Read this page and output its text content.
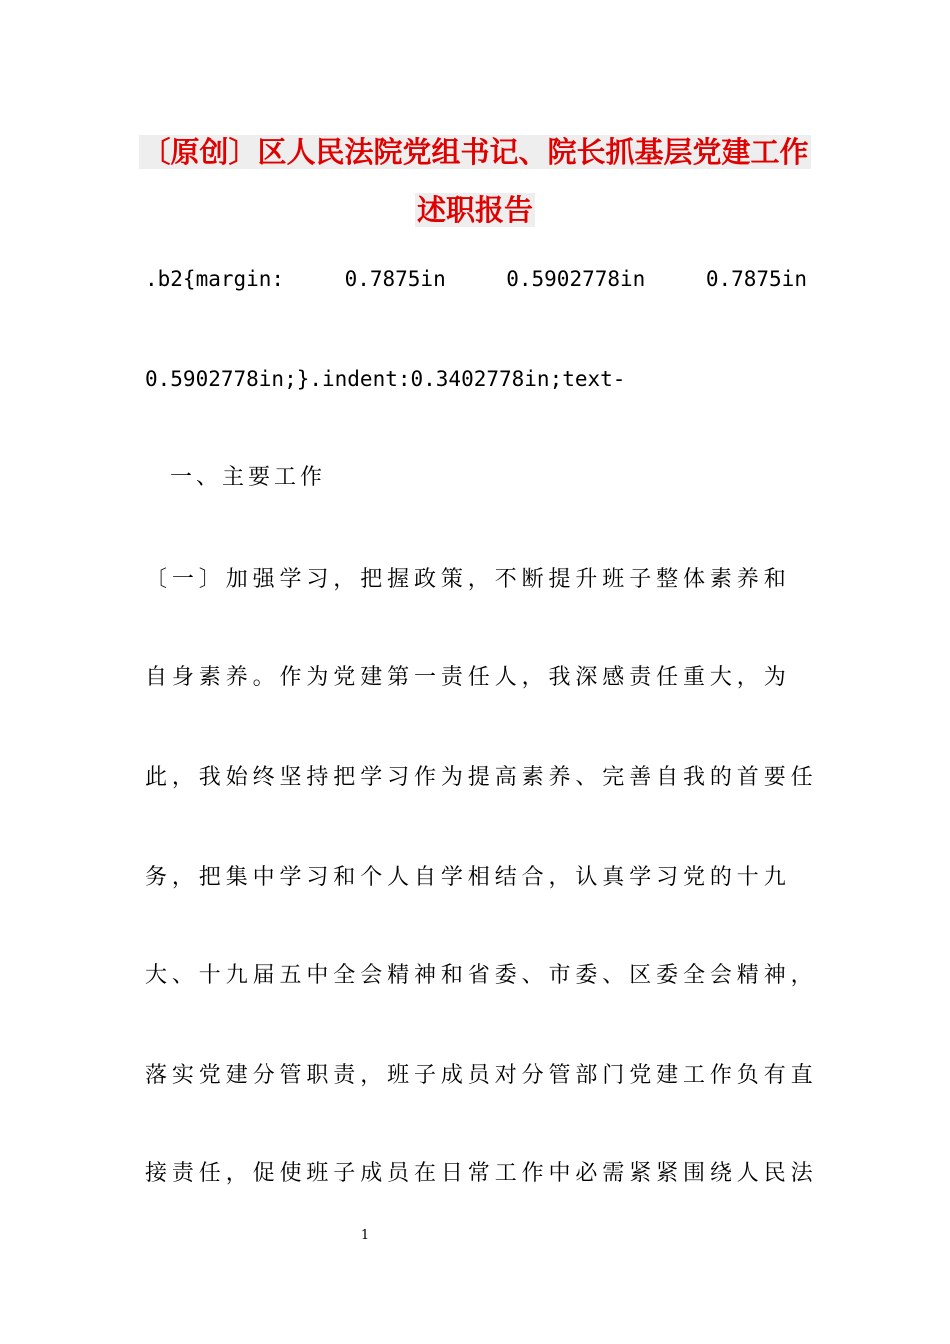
〔原创〕区人民法院党组书记、院长抓基层党建工作
述职报告
.b2{margin:	0.7875in	0.5902778in	0.7875in
0.5902778in;}.indent:0.3402778in;text-
一、主要工作
〔一〕加强学习，把握政策，不断提升班子整体素养和
自身素养。作为党建第一责任人，我深感责任重大，为
此，我始终坚持把学习作为提高素养、完善自我的首要任
务，把集中学习和个人自学相结合，认真学习党的十九
大、十九届五中全会精神和省委、市委、区委全会精神，
落实党建分管职责，班子成员对分管部门党建工作负有直
接责任，促使班子成员在日常工作中必需紧紧围绕人民法
1
